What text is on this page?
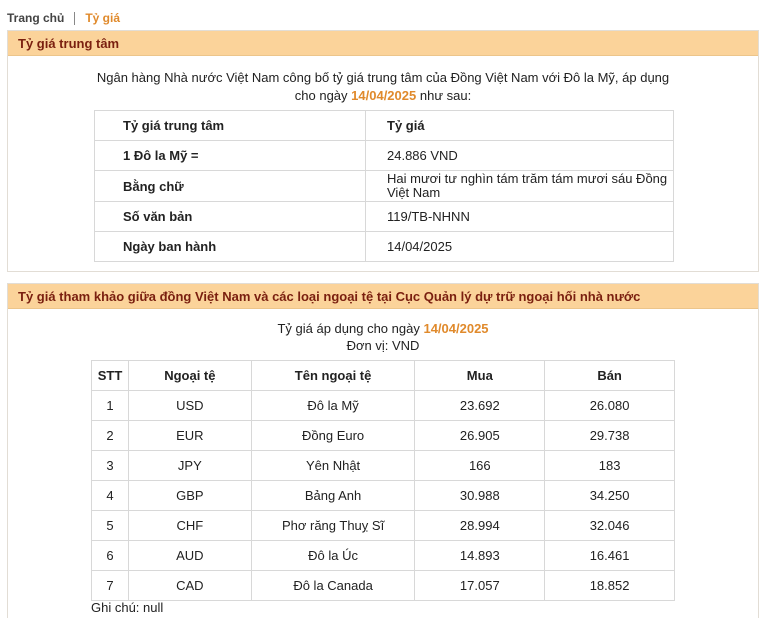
Trang chủ Tỷ giá
Tỷ giá trung tâm
Ngân hàng Nhà nước Việt Nam công bố tỷ giá trung tâm của Đồng Việt Nam với Đô la Mỹ, áp dụng
cho ngày 14/04/2025 như sau:
Tỷ giá trung tâm	Tỷ giá
1 Đô la Mỹ =	24.886 VND
Bằng chữ	Hai mươi tư nghìn tám trăm tám mươi sáu Đồng Việt Nam
Số văn bản	119/TB-NHNN
Ngày ban hành	14/04/2025
Tỷ giá tham khảo giữa đồng Việt Nam và các loại ngoại tệ tại Cục Quản lý dự trữ ngoại hối nhà nước
Tỷ giá áp dụng cho ngày 14/04/2025
Đơn vị: VND
STT	Ngoại tệ	Tên ngoại tệ	Mua	Bán
1	USD	Đô la Mỹ	23.692	26.080
2	EUR	Đồng Euro	26.905	29.738
3	JPY	Yên Nhật	166	183
4	GBP	Bảng Anh	30.988	34.250
5	CHF	Phơ răng Thuỵ Sĩ	28.994	32.046
6	AUD	Đô la Úc	14.893	16.461
7	CAD	Đô la Canada	17.057	18.852
Ghi chú: null
